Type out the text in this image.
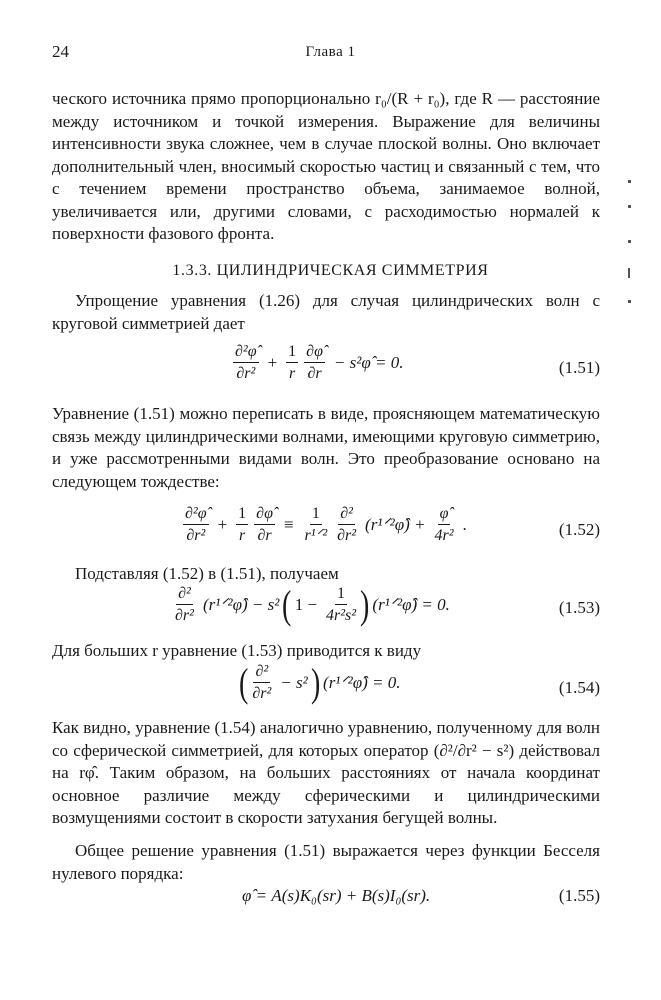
24	Глава 1
ческого источника прямо пропорционально r₀/(R + r₀), где R — расстояние между источником и точкой измерения. Выражение для величины интенсивности звука сложнее, чем в случае плоской волны. Оно включает дополнительный член, вносимый скоростью частиц и связанный с тем, что с течением времени пространство объема, занимаемое волной, увеличивается или, другими словами, с расходимостью нормалей к поверхности фазового фронта.
1.3.3. ЦИЛИНДРИЧЕСКАЯ СИММЕТРИЯ
Упрощение уравнения (1.26) для случая цилиндрических волн с круговой симметрией дает
$\frac{\text{∂²φ̂}}{\text{∂r²}} + \frac{1}{r} \frac{\partial\varphî}{\partial r}$ − s²φ̂ = 0.	(1.51)
Уравнение (1.51) можно переписать в виде, проясняющем математическую связь между цилиндрическими волнами, имеющими круговую симметрию, и уже рассмотренными видами волн. Это преобразование основано на следующем тождестве:
$\frac{\text{∂²φ̂}}{\text{∂r²}} + \frac{1}{r} \frac{\partial\varphî}{\partial r} \equiv \frac{1}{\text{r¹ᐟ²}} \frac{\text{∂²}}{\text{∂r²}}$ (r¹ᐟ²φ̂) + $\frac{\varphî}{\text{4r²}}$ .	(1.52)
Подставляя (1.52) в (1.51), получаем
$\frac{\text{∂²}}{\text{∂r²}}$ (r¹ᐟ²φ̂) − s² ( $1 - \frac{1}{\text{4r²s²}}$ ) (r¹ᐟ²φ̂) = 0.	(1.53)
Для больших r уравнение (1.53) приводится к виду
( $\frac{\text{∂²}}{\text{∂r²}} - s^2$ ) (r¹ᐟ²φ̂) = 0.	(1.54)
Как видно, уравнение (1.54) аналогично уравнению, полученному для волн со сферической симметрией, для которых оператор (∂²/∂r² − s²) действовал на rφ̂. Таким образом, на больших расстояниях от начала координат основное различие между сферическими и цилиндрическими возмущениями состоит в скорости затухания бегущей волны.
Общее решение уравнения (1.51) выражается через функции Бесселя нулевого порядка:
φ̂ = A(s)K₀(sr) + B(s)I₀(sr).	(1.55)
